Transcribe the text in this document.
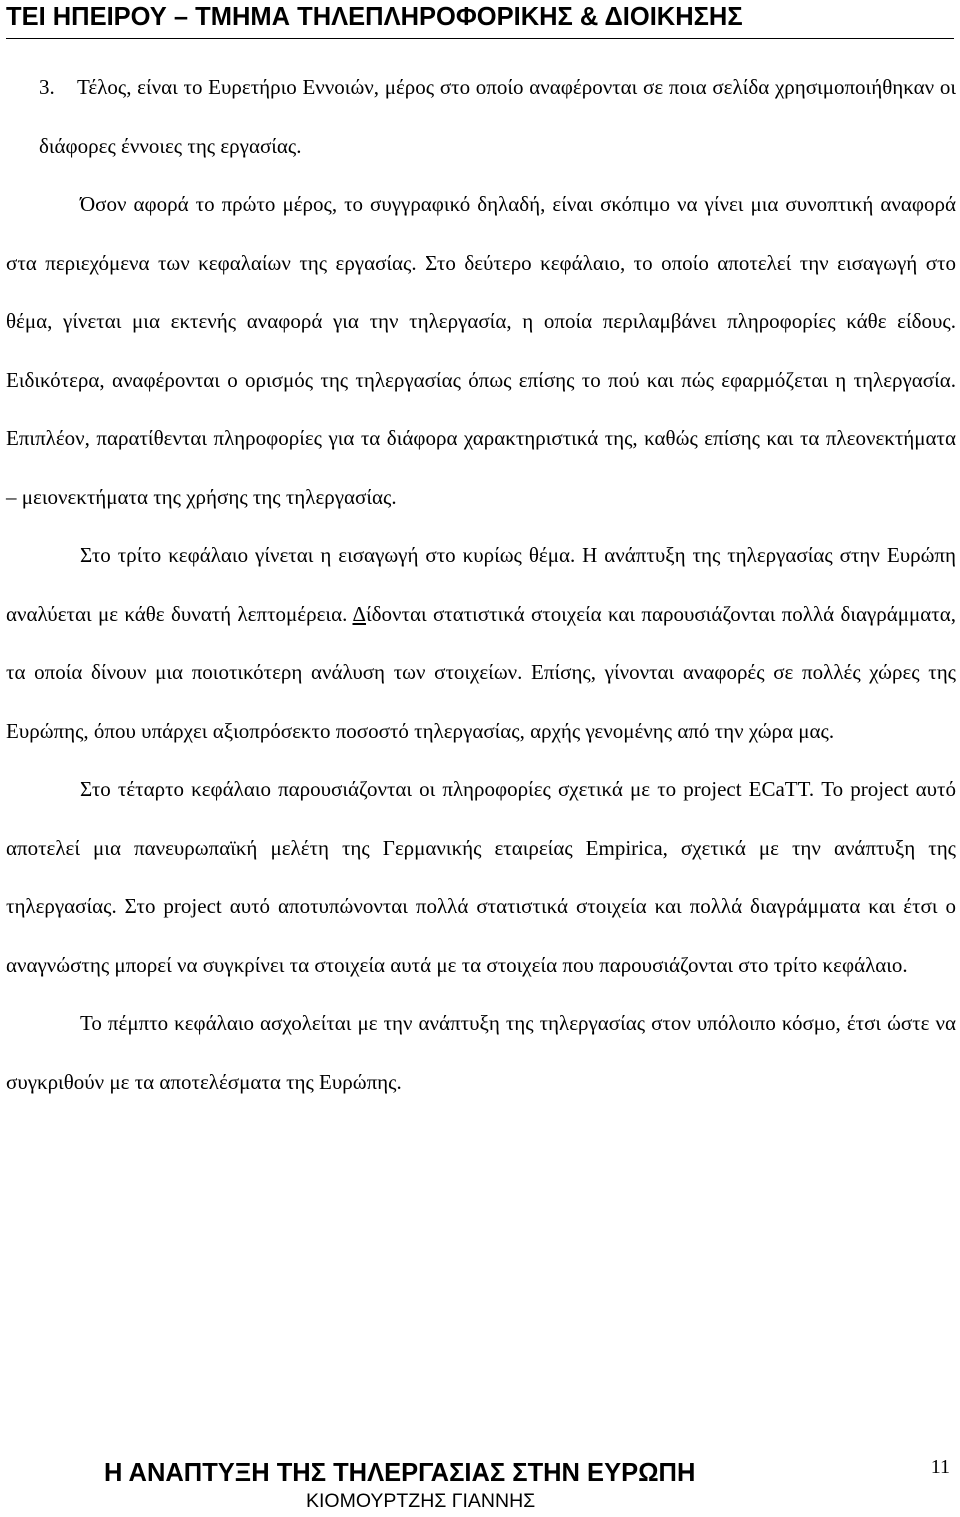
ΤΕΙ ΗΠΕΙΡΟΥ – ΤΜΗΜΑ ΤΗΛΕΠΛΗΡΟΦΟΡΙΚΗΣ & ΔΙΟΙΚΗΣΗΣ

3. Τέλος, είναι το Ευρετήριο Εννοιών, μέρος στο οποίο αναφέρονται σε ποια σελίδα χρησιμοποιήθηκαν οι διάφορες έννοιες της εργασίας.

Όσον αφορά το πρώτο μέρος, το συγγραφικό δηλαδή, είναι σκόπιμο να γίνει μια συνοπτική αναφορά στα περιεχόμενα των κεφαλαίων της εργασίας. Στο δεύτερο κεφάλαιο, το οποίο αποτελεί την εισαγωγή στο θέμα, γίνεται μια εκτενής αναφορά για την τηλεργασία, η οποία περιλαμβάνει πληροφορίες κάθε είδους. Ειδικότερα, αναφέρονται ο ορισμός της τηλεργασίας όπως επίσης το πού και πώς εφαρμόζεται η τηλεργασία. Επιπλέον, παρατίθενται πληροφορίες για τα διάφορα χαρακτηριστικά της, καθώς επίσης και τα πλεονεκτήματα – μειονεκτήματα της χρήσης της τηλεργασίας.

Στο τρίτο κεφάλαιο γίνεται η εισαγωγή στο κυρίως θέμα. Η ανάπτυξη της τηλεργασίας στην Ευρώπη αναλύεται με κάθε δυνατή λεπτομέρεια. Δίδονται στατιστικά στοιχεία και παρουσιάζονται πολλά διαγράμματα, τα οποία δίνουν μια ποιοτικότερη ανάλυση των στοιχείων. Επίσης, γίνονται αναφορές σε πολλές χώρες της Ευρώπης, όπου υπάρχει αξιοπρόσεκτο ποσοστό τηλεργασίας, αρχής γενομένης από την χώρα μας.

Στο τέταρτο κεφάλαιο παρουσιάζονται οι πληροφορίες σχετικά με το project ECaTT. Το project αυτό αποτελεί μια πανευρωπαϊκή μελέτη της Γερμανικής εταιρείας Empirica, σχετικά με την ανάπτυξη της τηλεργασίας. Στο project αυτό αποτυπώνονται πολλά στατιστικά στοιχεία και πολλά διαγράμματα και έτσι ο αναγνώστης μπορεί να συγκρίνει τα στοιχεία αυτά με τα στοιχεία που παρουσιάζονται στο τρίτο κεφάλαιο.

Το πέμπτο κεφάλαιο ασχολείται με την ανάπτυξη της τηλεργασίας στον υπόλοιπο κόσμο, έτσι ώστε να συγκριθούν με τα αποτελέσματα της Ευρώπης.

Η ΑΝΑΠΤΥΞΗ ΤΗΣ ΤΗΛΕΡΓΑΣΙΑΣ ΣΤΗΝ ΕΥΡΩΠΗ
ΚΙΟΜΟΥΡΤΖΗΣ ΓΙΑΝΝΗΣ
11
